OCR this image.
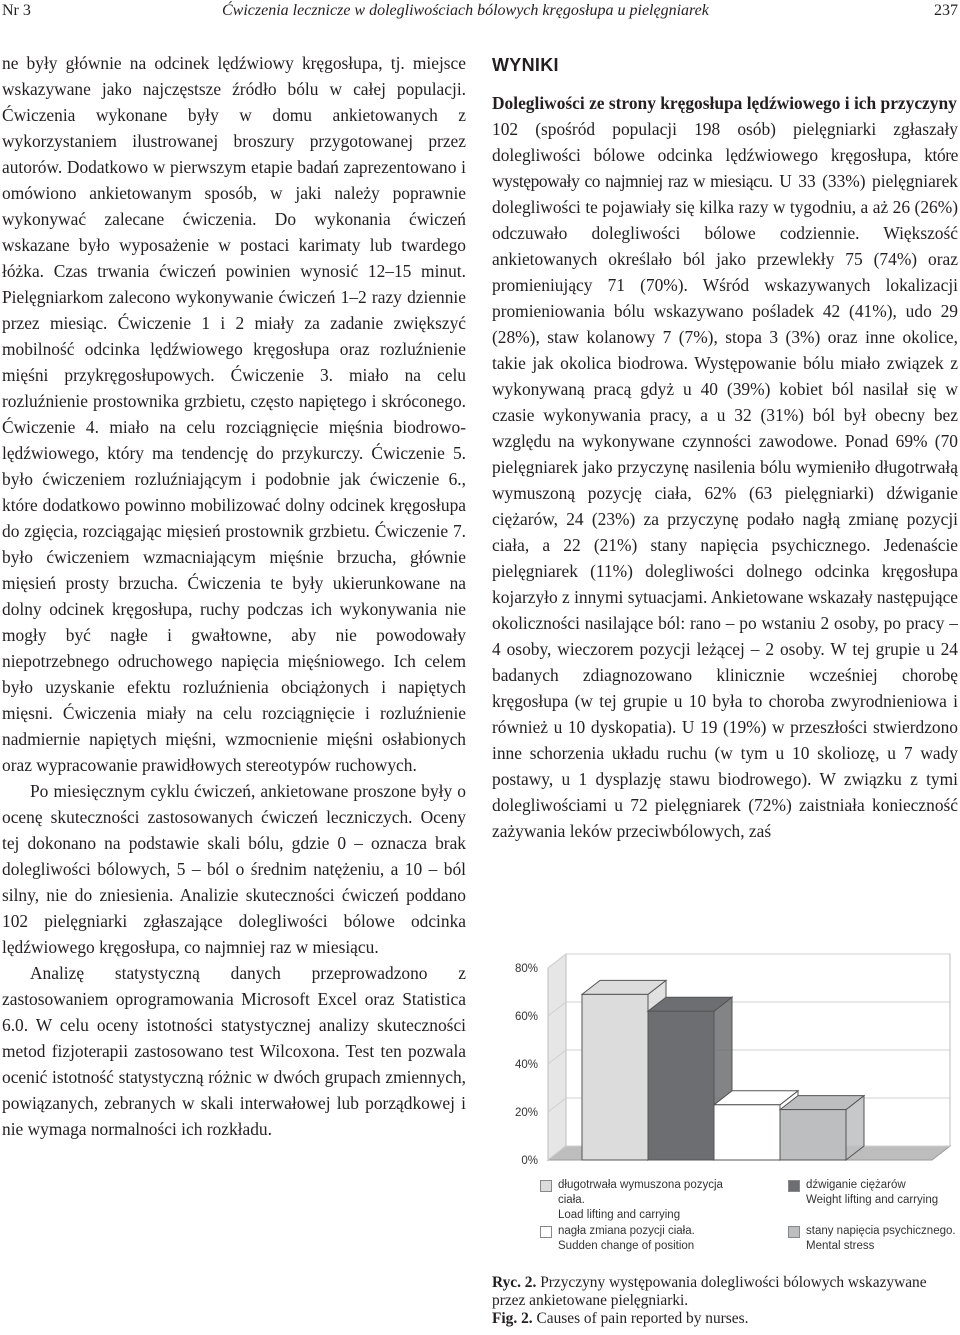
Nr 3	Ćwiczenia lecznicze w dolegliwościach bólowych kręgosłupa u pielęgniarek	237

ne były głównie na odcinek lędźwiowy kręgosłupa, tj. miejsce wskazywane jako najczęstsze źródło bólu w całej populacji. Ćwiczenia wykonane były w domu ankietowanych z wykorzystaniem ilustrowanej broszury przygotowanej przez autorów. Dodatkowo w pierwszym etapie badań zaprezentowano i omówiono ankietowanym sposób, w jaki należy poprawnie wykonywać zalecane ćwiczenia. Do wykonania ćwiczeń wskazane było wyposażenie w postaci karimaty lub twardego łóżka. Czas trwania ćwiczeń powinien wynosić 12–15 minut. Pielęgniarkom zalecono wykonywanie ćwiczeń 1–2 razy dziennie przez miesiąc. Ćwiczenie 1 i 2 miały za zadanie zwiększyć mobilność odcinka lędźwiowego kręgosłupa oraz rozluźnienie mięśni przykręgosłupowych. Ćwiczenie 3. miało na celu rozluźnienie prostownika grzbietu, często napiętego i skróconego. Ćwiczenie 4. miało na celu rozciągnięcie mięśnia biodrowo-lędźwiowego, który ma tendencję do przykurczy. Ćwiczenie 5. było ćwiczeniem rozluźniającym i podobnie jak ćwiczenie 6., które dodatkowo powinno mobilizować dolny odcinek kręgosłupa do zgięcia, rozciągając mięsień prostownik grzbietu. Ćwiczenie 7. było ćwiczeniem wzmacniającym mięśnie brzucha, głównie mięsień prosty brzucha. Ćwiczenia te były ukierunkowane na dolny odcinek kręgosłupa, ruchy podczas ich wykonywania nie mogły być nagłe i gwałtowne, aby nie powodowały niepotrzebnego odruchowego napięcia mięśniowego. Ich celem było uzyskanie efektu rozluźnienia obciążonych i napiętych mięsni. Ćwiczenia miały na celu rozciągnięcie i rozluźnienie nadmiernie napiętych mięśni, wzmocnienie mięśni osłabionych oraz wypracowanie prawidłowych stereotypów ruchowych.

Po miesięcznym cyklu ćwiczeń, ankietowane proszone były o ocenę skuteczności zastosowanych ćwiczeń leczniczych. Oceny tej dokonano na podstawie skali bólu, gdzie 0 – oznacza brak dolegliwości bólowych, 5 – ból o średnim natężeniu, a 10 – ból silny, nie do zniesienia. Analizie skuteczności ćwiczeń poddano 102 pielęgniarki zgłaszające dolegliwości bólowe odcinka lędźwiowego kręgosłupa, co najmniej raz w miesiącu.

Analizę statystyczną danych przeprowadzono z zastosowaniem oprogramowania Microsoft Excel oraz Statistica 6.0. W celu oceny istotności statystycznej analizy skuteczności metod fizjoterapii zastosowano test Wilcoxona. Test ten pozwala ocenić istotność statystyczną różnic w dwóch grupach zmiennych, powiązanych, zebranych w skali interwałowej lub porządkowej i nie wymaga normalności ich rozkładu.

WYNIKI
Dolegliwości ze strony kręgosłupa lędźwiowego i ich przyczyny

102 (spośród populacji 198 osób) pielęgniarki zgłaszały dolegliwości bólowe odcinka lędźwiowego kręgosłupa, które występowały co najmniej raz w miesiącu. U 33 (33%) pielęgniarek dolegliwości te pojawiały się kilka razy w tygodniu, a aż 26 (26%) odczuwało dolegliwości bólowe codziennie. Większość ankietowanych określało ból jako przewlekły 75 (74%) oraz promieniujący 71 (70%). Wśród wskazywanych lokalizacji promieniowania bólu wskazywano pośladek 42 (41%), udo 29 (28%), staw kolanowy 7 (7%), stopa 3 (3%) oraz inne okolice, takie jak okolica biodrowa. Występowanie bólu miało związek z wykonywaną pracą gdyż u 40 (39%) kobiet ból nasilał się w czasie wykonywania pracy, a u 32 (31%) ból był obecny bez względu na wykonywane czynności zawodowe. Ponad 69% (70 pielęgniarek jako przyczynę nasilenia bólu wymieniło długotrwałą wymuszoną pozycję ciała, 62% (63 pielęgniarki) dźwiganie ciężarów, 24 (23%) za przyczynę podało nagłą zmianę pozycji ciała, a 22 (21%) stany napięcia psychicznego. Jedenaście pielęgniarek (11%) dolegliwości dolnego odcinka kręgosłupa kojarzyło z innymi sytuacjami. Ankietowane wskazały następujące okoliczności nasilające ból: rano – po wstaniu 2 osoby, po pracy – 4 osoby, wieczorem pozycji leżącej – 2 osoby. W tej grupie u 24 badanych zdiagnozowano klinicznie wcześniej chorobę kręgosłupa (w tej grupie u 10 była to choroba zwyrodnieniowa i również u 10 dyskopatia). U 19 (19%) w przeszłości stwierdzono inne schorzenia układu ruchu (w tym u 10 skoliozę, u 7 wady postawy, u 1 dysplazję stawu biodrowego). W związku z tymi dolegliwościami u 72 pielęgniarek (72%) zaistniała konieczność zażywania leków przeciwbólowych, zaś

0%
20%
40%
60%
80%
długotrwała wymuszona pozycja ciała.
Load lifting and carrying
dźwiganie ciężarów
Weight lifting and carrying
nagła zmiana pozycji ciała.
Sudden change of position
stany napięcia psychicznego.
Mental stress
Ryc. 2. Przyczyny występowania dolegliwości bólowych wskazywane przez ankietowane pielęgniarki.
Fig. 2. Causes of pain reported by nurses.
